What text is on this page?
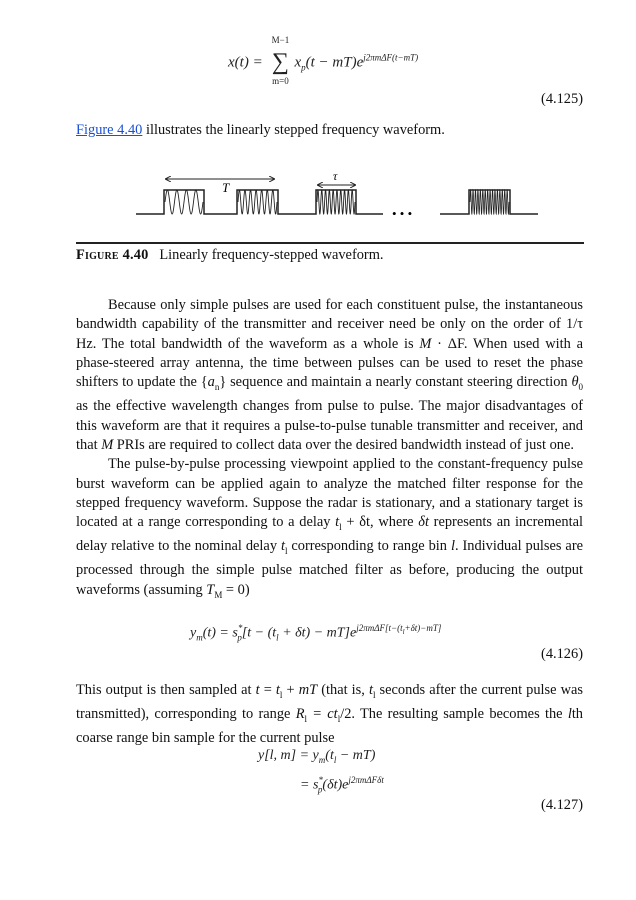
x(t) =
M−1
∑
m=0
$x_p(t - mT)e^{j2\pi m\Delta F(t-mT)}$
(4.125)
Figure 4.40 illustrates the linearly stepped frequency waveform.
T
τ
• • •
Figure 4.40 Linearly frequency-stepped waveform.

Because only simple pulses are used for each constituent pulse, the instantaneous bandwidth capability of the transmitter and receiver need be only on the order of 1/τ Hz. The total bandwidth of the waveform as a whole is M · ΔF. When used with a phase-steered array antenna, the time between pulses can be used to reset the phase shifters to update the $\{a_n\}$ sequence and maintain a nearly constant steering direction $\theta_0$ as the effective wavelength changes from pulse to pulse. The major disadvantages of this waveform are that it requires a pulse-to-pulse tunable transmitter and receiver, and that M PRIs are required to collect data over the desired bandwidth instead of just one.

The pulse-by-pulse processing viewpoint applied to the constant-frequency pulse burst waveform can be applied again to analyze the matched filter response for the stepped frequency waveform. Suppose the radar is stationary, and a stationary target is located at a range corresponding to a delay $t_l + \delta t$, where δt represents an incremental delay relative to the nominal delay $t_l$ corresponding to range bin l. Individual pulses are processed through the simple pulse matched filter as before, producing the output waveforms (assuming $T_M = 0$)

$y_m(t) = s^*_p[t - (t_l + \delta t) - mT]e^{j2\pi m\Delta F[t-(t_l+\delta t)-mT]}$
(4.126)
This output is then sampled at $t = t_l$ + mT (that is, $t_l$ seconds after the current pulse was transmitted), corresponding to range $R_l = ct_l/2$. The resulting sample becomes the lth coarse range bin sample for the current pulse
y[l, $m] = y_m(t_l - mT)$
= $s^*_p(\delta t)e^{j2\pi m\Delta F\delta t}$
(4.127)
